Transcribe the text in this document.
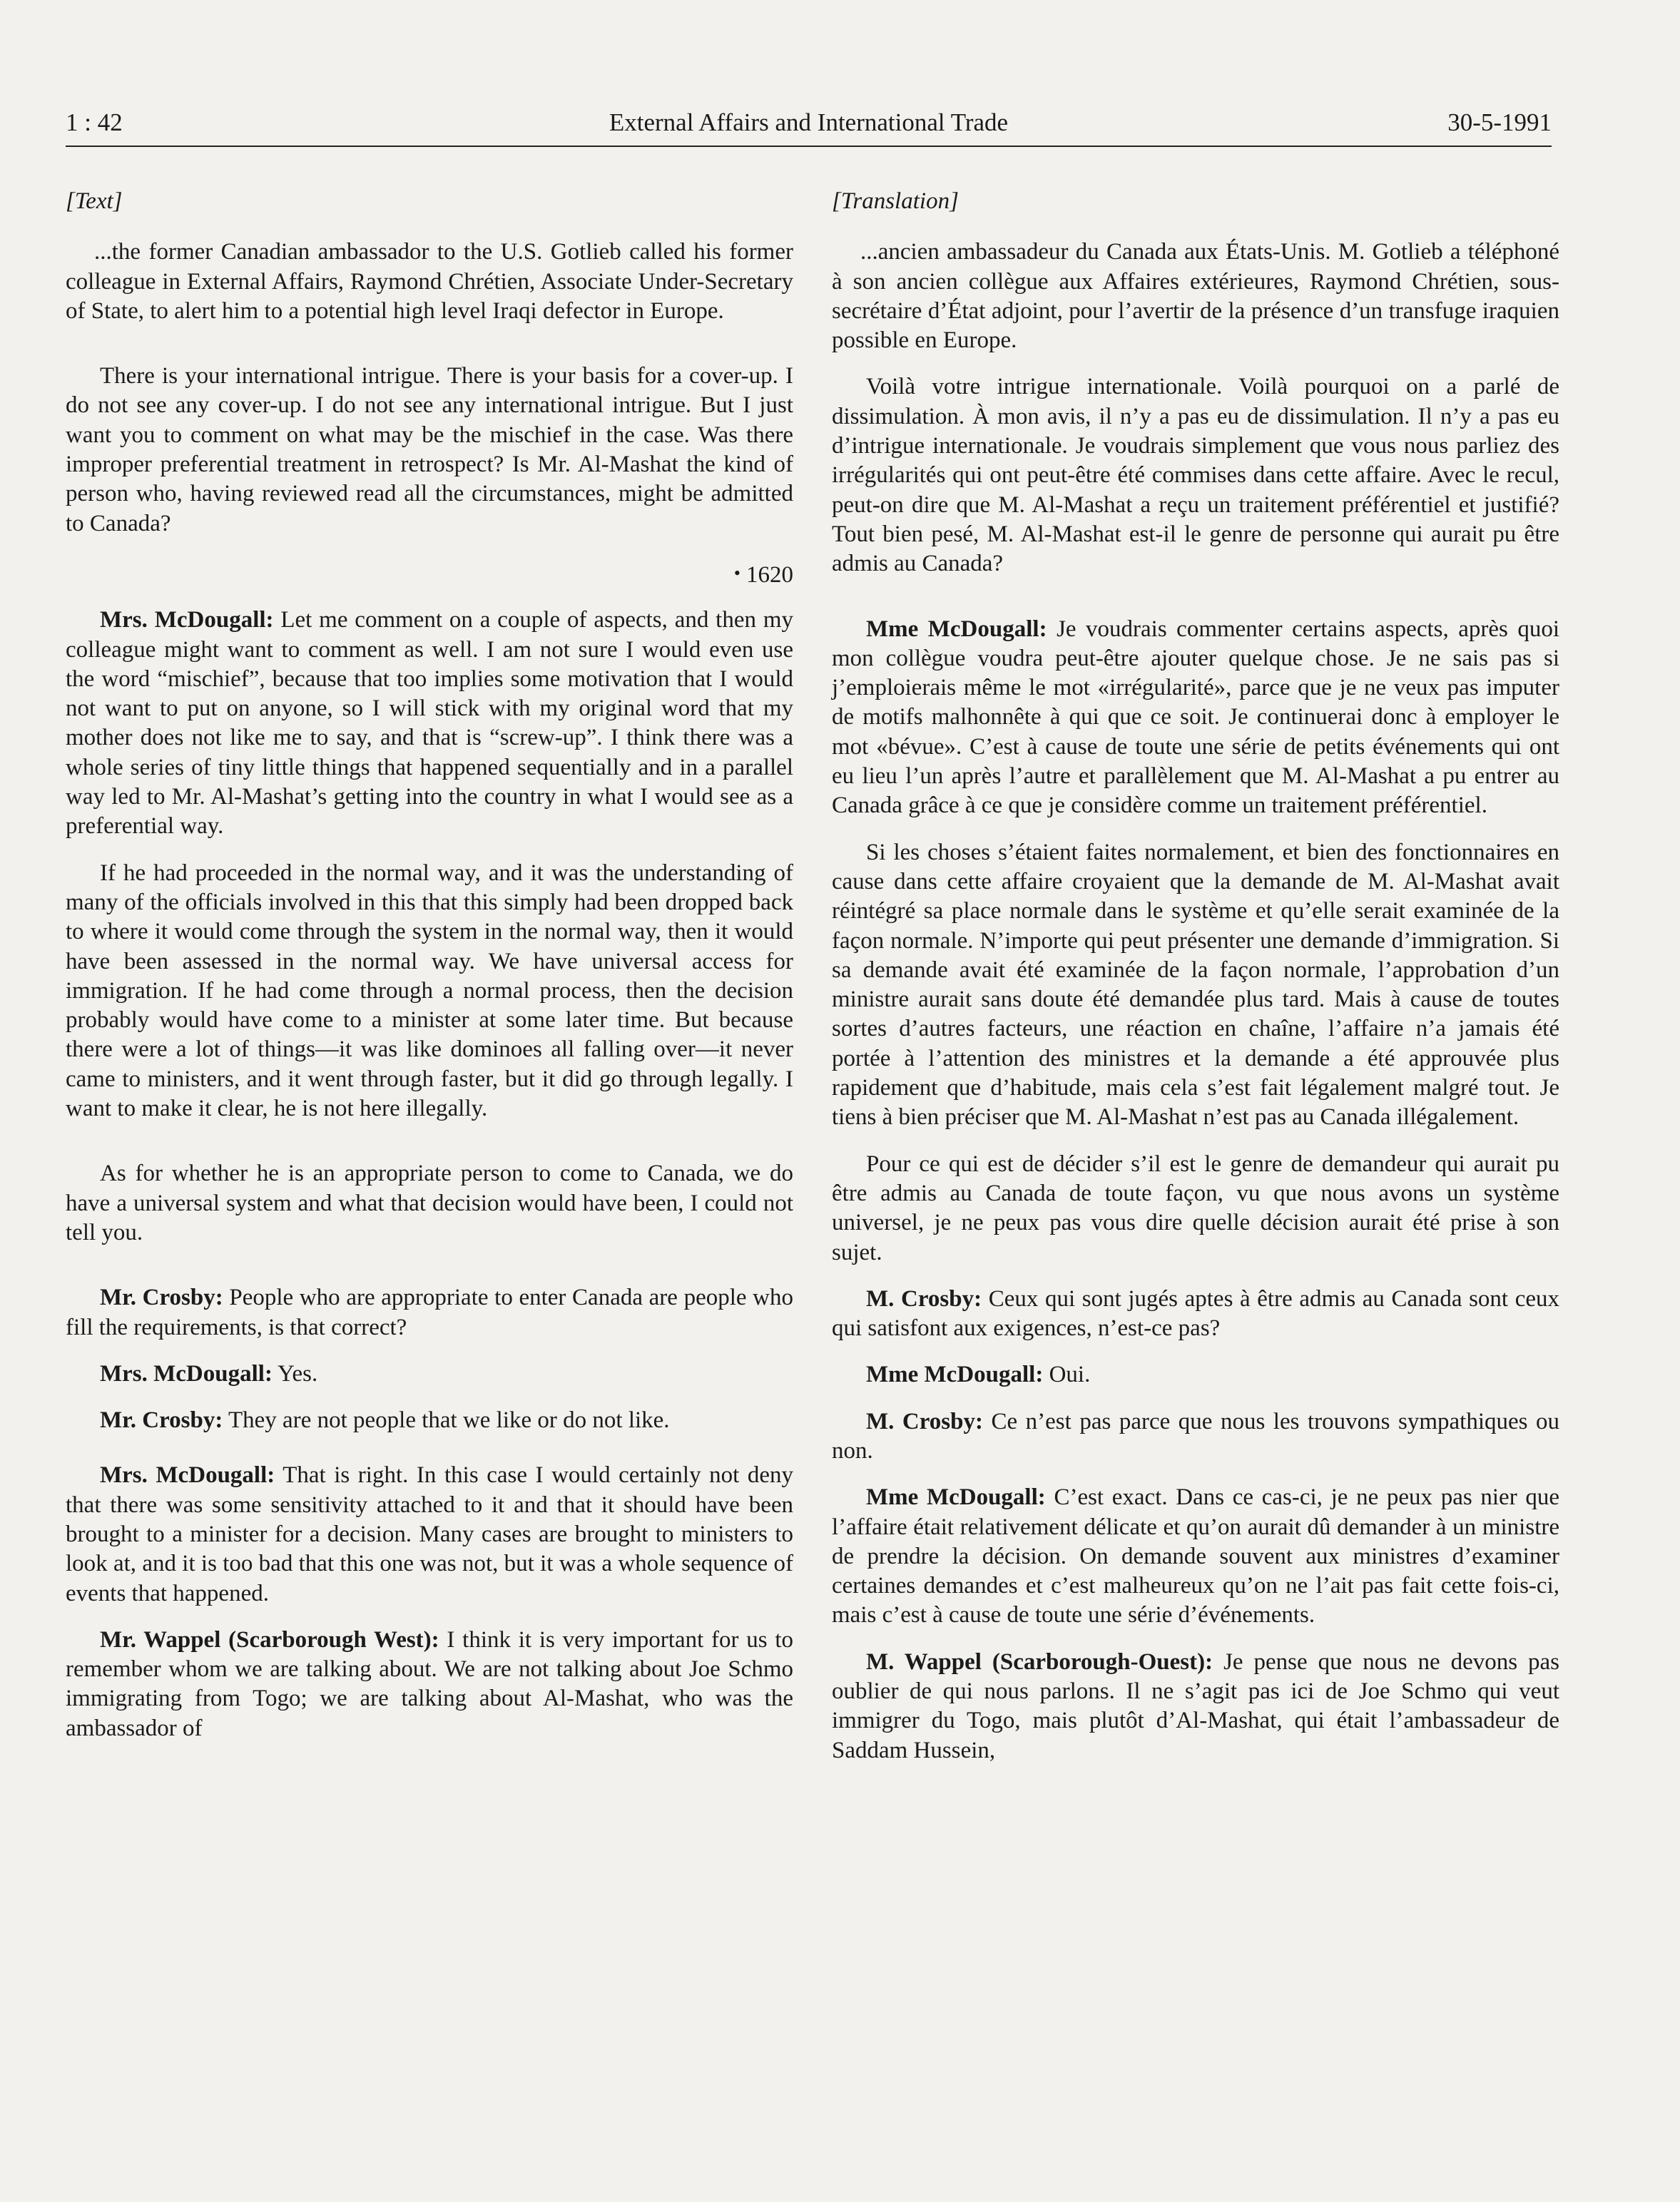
1 : 42	External Affairs and International Trade	30-5-1991
[Text]

...the former Canadian ambassador to the U.S. Gotlieb called his former colleague in External Affairs, Raymond Chrétien, Associate Under-Secretary of State, to alert him to a potential high level Iraqi defector in Europe.

There is your international intrigue. There is your basis for a cover-up. I do not see any cover-up. I do not see any international intrigue. But I just want you to comment on what may be the mischief in the case. Was there improper preferential treatment in retrospect? Is Mr. Al-Mashat the kind of person who, having reviewed read all the circumstances, might be admitted to Canada?

• 1620

Mrs. McDougall: Let me comment on a couple of aspects, and then my colleague might want to comment as well. I am not sure I would even use the word “mischief”, because that too implies some motivation that I would not want to put on anyone, so I will stick with my original word that my mother does not like me to say, and that is “screw-up”. I think there was a whole series of tiny little things that happened sequentially and in a parallel way led to Mr. Al-Mashat’s getting into the country in what I would see as a preferential way.

If he had proceeded in the normal way, and it was the understanding of many of the officials involved in this that this simply had been dropped back to where it would come through the system in the normal way, then it would have been assessed in the normal way. We have universal access for immigration. If he had come through a normal process, then the decision probably would have come to a minister at some later time. But because there were a lot of things—it was like dominoes all falling over—it never came to ministers, and it went through faster, but it did go through legally. I want to make it clear, he is not here illegally.

As for whether he is an appropriate person to come to Canada, we do have a universal system and what that decision would have been, I could not tell you.

Mr. Crosby: People who are appropriate to enter Canada are people who fill the requirements, is that correct?

Mrs. McDougall: Yes.

Mr. Crosby: They are not people that we like or do not like.

Mrs. McDougall: That is right. In this case I would certainly not deny that there was some sensitivity attached to it and that it should have been brought to a minister for a decision. Many cases are brought to ministers to look at, and it is too bad that this one was not, but it was a whole sequence of events that happened.

Mr. Wappel (Scarborough West): I think it is very important for us to remember whom we are talking about. We are not talking about Joe Schmo immigrating from Togo; we are talking about Al-Mashat, who was the ambassador of

[Translation]

...ancien ambassadeur du Canada aux États-Unis. M. Gotlieb a téléphoné à son ancien collègue aux Affaires extérieures, Raymond Chrétien, sous-secrétaire d’État adjoint, pour l’avertir de la présence d’un transfuge iraquien possible en Europe.

Voilà votre intrigue internationale. Voilà pourquoi on a parlé de dissimulation. À mon avis, il n’y a pas eu de dissimulation. Il n’y a pas eu d’intrigue internationale. Je voudrais simplement que vous nous parliez des irrégularités qui ont peut-être été commises dans cette affaire. Avec le recul, peut-on dire que M. Al-Mashat a reçu un traitement préférentiel et justifié? Tout bien pesé, M. Al-Mashat est-il le genre de personne qui aurait pu être admis au Canada?

Mme McDougall: Je voudrais commenter certains aspects, après quoi mon collègue voudra peut-être ajouter quelque chose. Je ne sais pas si j’emploierais même le mot «irrégularité», parce que je ne veux pas imputer de motifs malhonnête à qui que ce soit. Je continuerai donc à employer le mot «bévue». C’est à cause de toute une série de petits événements qui ont eu lieu l’un après l’autre et parallèlement que M. Al-Mashat a pu entrer au Canada grâce à ce que je considère comme un traitement préférentiel.

Si les choses s’étaient faites normalement, et bien des fonctionnaires en cause dans cette affaire croyaient que la demande de M. Al-Mashat avait réintégré sa place normale dans le système et qu’elle serait examinée de la façon normale. N’importe qui peut présenter une demande d’immigration. Si sa demande avait été examinée de la façon normale, l’approbation d’un ministre aurait sans doute été demandée plus tard. Mais à cause de toutes sortes d’autres facteurs, une réaction en chaîne, l’affaire n’a jamais été portée à l’attention des ministres et la demande a été approuvée plus rapidement que d’habitude, mais cela s’est fait légalement malgré tout. Je tiens à bien préciser que M. Al-Mashat n’est pas au Canada illégalement.

Pour ce qui est de décider s’il est le genre de demandeur qui aurait pu être admis au Canada de toute façon, vu que nous avons un système universel, je ne peux pas vous dire quelle décision aurait été prise à son sujet.

M. Crosby: Ceux qui sont jugés aptes à être admis au Canada sont ceux qui satisfont aux exigences, n’est-ce pas?

Mme McDougall: Oui.

M. Crosby: Ce n’est pas parce que nous les trouvons sympathiques ou non.

Mme McDougall: C’est exact. Dans ce cas-ci, je ne peux pas nier que l’affaire était relativement délicate et qu’on aurait dû demander à un ministre de prendre la décision. On demande souvent aux ministres d’examiner certaines demandes et c’est malheureux qu’on ne l’ait pas fait cette fois-ci, mais c’est à cause de toute une série d’événements.

M. Wappel (Scarborough-Ouest): Je pense que nous ne devons pas oublier de qui nous parlons. Il ne s’agit pas ici de Joe Schmo qui veut immigrer du Togo, mais plutôt d’Al-Mashat, qui était l’ambassadeur de Saddam Hussein,
